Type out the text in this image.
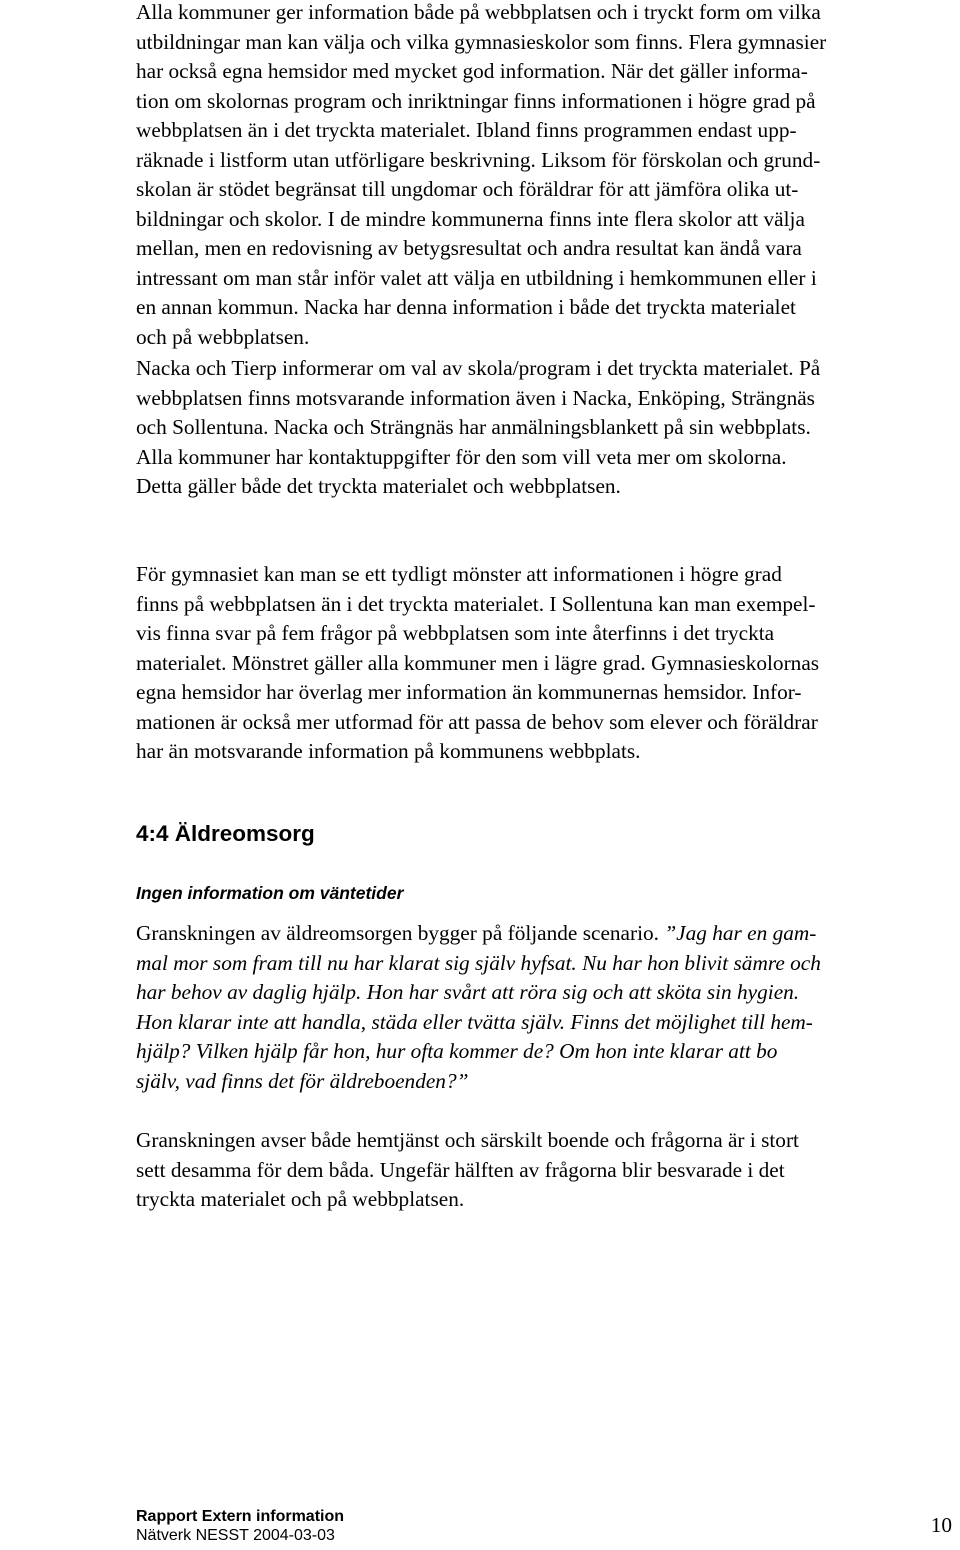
Alla kommuner ger information både på webbplatsen och i tryckt form om vilka
utbildningar man kan välja och vilka gymnasieskolor som finns. Flera gymnasier
har också egna hemsidor med mycket god information. När det gäller informa-
tion om skolornas program och inriktningar finns informationen i högre grad på
webbplatsen än i det tryckta materialet. Ibland finns programmen endast upp-
räknade i listform utan utförligare beskrivning. Liksom för förskolan och grund-
skolan är stödet begränsat till ungdomar och föräldrar för att jämföra olika ut-
bildningar och skolor. I de mindre kommunerna finns inte flera skolor att välja
mellan, men en redovisning av betygsresultat och andra resultat kan ändå vara
intressant om man står inför valet att välja en utbildning i hemkommunen eller i
en annan kommun. Nacka har denna information i både det tryckta materialet
och på webbplatsen.

Nacka och Tierp informerar om val av skola/program i det tryckta materialet. På
webbplatsen finns motsvarande information även i Nacka, Enköping, Strängnäs
och Sollentuna. Nacka och Strängnäs har anmälningsblankett på sin webbplats.
Alla kommuner har kontaktuppgifter för den som vill veta mer om skolorna.
Detta gäller både det tryckta materialet och webbplatsen.

För gymnasiet kan man se ett tydligt mönster att informationen i högre grad
finns på webbplatsen än i det tryckta materialet. I Sollentuna kan man exempel-
vis finna svar på fem frågor på webbplatsen som inte återfinns i det tryckta
materialet. Mönstret gäller alla kommuner men i lägre grad. Gymnasieskolornas
egna hemsidor har överlag mer information än kommunernas hemsidor. Infor-
mationen är också mer utformad för att passa de behov som elever och föräldrar
har än motsvarande information på kommunens webbplats.

4:4 Äldreomsorg
Ingen information om väntetider

Granskningen av äldreomsorgen bygger på följande scenario. ”Jag har en gam-
mal mor som fram till nu har klarat sig själv hyfsat. Nu har hon blivit sämre och
har behov av daglig hjälp. Hon har svårt att röra sig och att sköta sin hygien.
Hon klarar inte att handla, städa eller tvätta själv. Finns det möjlighet till hem-
hjälp? Vilken hjälp får hon, hur ofta kommer de? Om hon inte klarar att bo
själv, vad finns det för äldreboenden?”

Granskningen avser både hemtjänst och särskilt boende och frågorna är i stort
sett desamma för dem båda. Ungefär hälften av frågorna blir besvarade i det
tryckta materialet och på webbplatsen.

Rapport Extern information
Nätverk NESST 2004-03-03	10
